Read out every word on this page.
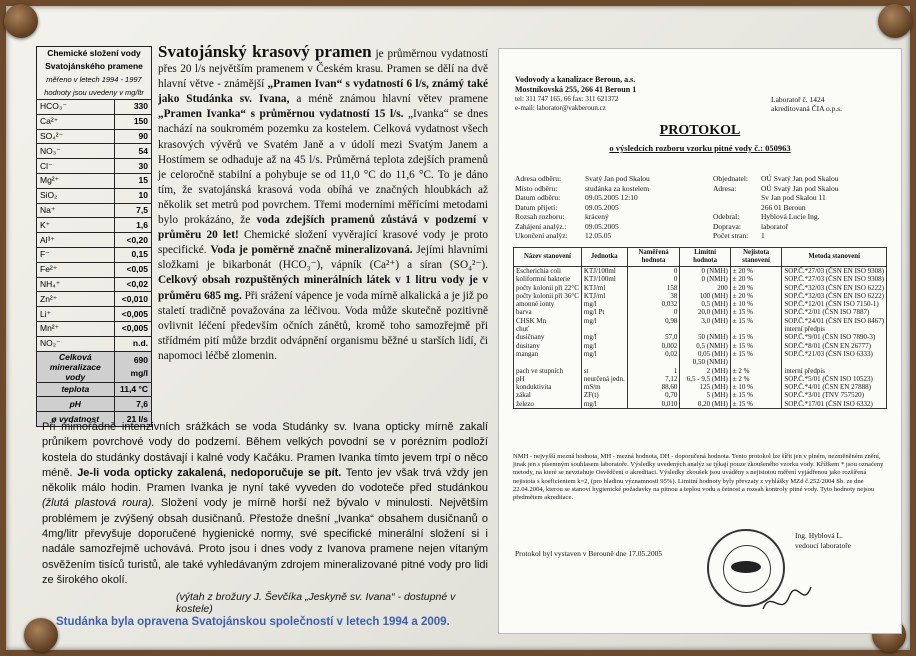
Chemické složení vody Svatojánského pramene
měřeno v letech 1994 - 1997
hodnoty jsou uvedeny v mg/ltr	

HCO₃⁻	330
Ca²⁺	150
SO₄²⁻	90
NO₃⁻	54
Cl⁻	30
Mg²⁺	15
SiO₂	10
Na⁺	7,5
K⁺	1,6
Al³⁺	<0,20
F⁻	0,15
Fe²⁺	<0,05
NH₄⁺	<0,02
Zn²⁺	<0,010
Li⁺	<0,005
Mn²⁺	<0,005
NO₂⁻	n.d.
Celková mineralizace vody	690 mg/l
teplota	11,4 °C
pH	7,6
ø vydatnost	21 l/s
Svatojánský krasový pramen je průměrnou vydatností přes 20 l/s největším pramenem v Českém krasu. Pramen se dělí na dvě hlavní větve - známější „Pramen Ivan“ s vydatností 6 l/s, známý také jako Studánka sv. Ivana, a méně známou hlavní větev pramene „Pramen Ivanka“ s průměrnou vydatností 15 l/s. „Ivanka“ se dnes nachází na soukromém pozemku za kostelem. Celková vydatnost všech krasových vývěrů ve Svatém Janě a v údolí mezi Svatým Janem a Hostímem se odhaduje až na 45 l/s. Průměrná teplota zdejších pramenů je celoročně stabilní a pohybuje se od 11,0 °C do 11,6 °C. To je dáno tím, že svatojánská krasová voda obíhá ve značných hloubkách až několik set metrů pod povrchem. Třemi moderními měřícími metodami bylo prokázáno, že voda zdejších pramenů zůstává v podzemí v průměru 20 let! Chemické složení vyvěrající krasové vody je proto specifické. Voda je poměrně značně mineralizovaná. Jejími hlavními složkami je bikarbonát (HCO₃⁻), vápník (Ca²⁺) a síran (SO₄²⁻). Celkový obsah rozpuštěných minerálních látek v 1 litru vody je v průměru 685 mg. Při srážení vápence je voda mírně alkalická a je již po staletí tradičně považována za léčivou. Voda může skutečně pozitivně ovlivnit léčení především očních zánětů, kromě toho samozřejmě při střídmém pití může brzdit odvápnění organismu běžné u starších lidí, či napomoci léčbě zlomenin.
Při mimořádně intenzivních srážkách se voda Studánky sv. Ivana opticky mírně zakalí průnikem povrchové vody do podzemí. Během velkých povodní se v porézním podloží kostela do studánky dostávají i kalné vody Kačáku. Pramen Ivanka tímto jevem trpí o něco méně. Je-li voda opticky zakalená, nedoporučuje se pít. Tento jev však trvá vždy jen několik málo hodin. Pramen Ivanka je nyní také vyveden do vodoteče před studánkou (žlutá plastová roura). Složení vody je mírně horší než bývalo v minulosti. Největším problémem je zvýšený obsah dusičnanů. Přestože dnešní „Ivanka“ obsahem dusičnanů o 4mg/litr převyšuje doporučené hygienické normy, své specifické minerální složení si i nadále samozřejmě uchovává. Proto jsou i dnes vody z Ivanova pramene nejen vítaným osvěžením tisíců turistů, ale také vyhledávaným zdrojem mineralizované pitné vody pro lidi ze širokého okolí.
(výtah z brožury J. Ševčíka „Jeskyně sv. Ivana“ - dostupné v kostele)
Studánka byla opravena Svatojánskou společností v letech 1994 a 2009.
Vodovody a kanalizace Beroun, a.s.
Mostníkovská 255, 266 41 Beroun 1
tel: 311 747 165, 66 fax: 311 621372
e-mail: laborator@vakberoun.cz
Laboratoř č. 1424
akreditovaná ČIA o.p.s.
PROTOKOL
o výsledcích rozboru vzorku pitné vody č.: 050963
Adresa odběru:	Svatý Jan pod Skalou
Místo odběru:	studánka za kostelem
Datum odběru:	09.05.2005 12:10
Datum přijetí:	09.05.2005
Rozsah rozboru:	krácený
Zahájení analýz.: 09.05.2005
Ukončení analýz: 12.05.05
Objednatel: OÚ Svatý Jan pod Skalou
Adresa:	OÚ Svatý Jan pod Skalou
Sv Jan pod Skalou 11
266 01 Beroun
Odebral:	Hyblová Lucie Ing.
Doprava:	laboratoř
Počet stran: 1
Název stanovení	Jednotka	Naměřená hodnota	Limitní hodnota	Nejistota stanovení	Metoda stanovení
Escherichia coli	KTJ/100ml	0	0 (NMH)	± 20 %	SOP.Č.*27/03 (ČSN EN ISO 9308)
koliformní bakterie	KTJ/100ml	0	0 (NMH)	± 20 %	SOP.Č.*27/03 (ČSN EN ISO 9308)
počty kolonií při 22°C	KTJ/ml	158	200	± 20 %	SOP.Č.*32/03 (ČSN EN ISO 6222)
počty kolonií při 36°C	KTJ/ml	38	100 (MH)	± 20 %	SOP.Č.*32/03 (ČSN EN ISO 6222)
amonné ionty	mg/l	0,032	0,5 (MH)	± 10 %	SOP.Č.*12/01 (ČSN ISO 7150-1)
barva	mg/l Pt	0	20,0 (MH)	± 15 %	SOP.Č.*2/01 (ČSN ISO 7887)
CHSK Mn	mg/l	0,98	3,0 (MH)	± 15 %	SOP.Č.*24/01 (ČSN EN ISO 8467)
chuť					interní předpis
dusičnany	mg/l	57,0	50 (NMH)	± 15 %	SOP.Č.*9/01 (ČSN ISO 7890-3)
dusitany	mg/l	0,002	0,5 (NMH)	± 15 %	SOP.Č.*8/01 (ČSN EN 26777)
mangan	mg/l	0,02	0,05 (MH)	± 15 %	SOP.Č.*21/03 (ČSN ISO 6333)
			0,50 (NMH)		
pach ve stupních	st	1	2 (MH)	± 2 %	interní předpis
pH	neurčená jedn.	7,12	6,5 - 9,5 (MH)	± 2 %	SOP.Č.*5/01 (ČSN ISO 10523)
konduktivita	mS/m	88,60	125 (MH)	± 10 %	SOP.Č.*4/01 (ČSN EN 27888)
zákal	ZF(t)	0,70	5 (MH)	± 15 %	SOP.Č.*3/01 (TNV 757520)
železo	mg/l	0,010	0,20 (MH)	± 15 %	SOP.Č.*17/01 (ČSN ISO 6332)
NMH - nejvyšší mezná hodnota, MH - mezná hodnota, DH - doporučená hodnota. Tento protokol lze šířit jen v plném, nezměněném znění, jinak jen s písemným souhlasem laboratoře. Výsledky uvedených analýz se týkají pouze zkoušeného vzorku vody. Křížkem * jsou označeny metody, na které se nevztahuje Osvědčení o akreditaci. Výsledky zkoušek jsou uváděny s nejistotou měření vyjádřenou jako rozšířená nejistota s koeficientem k=2, (pro hladinu významnosti 95%). Limitní hodnoty byly převzaty z vyhlášky MZd č.252/2004 Sb. ze dne 22.04.2004, kterou se stanoví hygienické požadavky na pitnou a teplou vodu a četnost a rozsah kontroly pitné vody. Tyto hodnoty nejsou předmětem akreditace.
Protokol byl vystaven v Berouně dne 17.05.2005
Ing. Hyblová L.
vedoucí laboratoře
